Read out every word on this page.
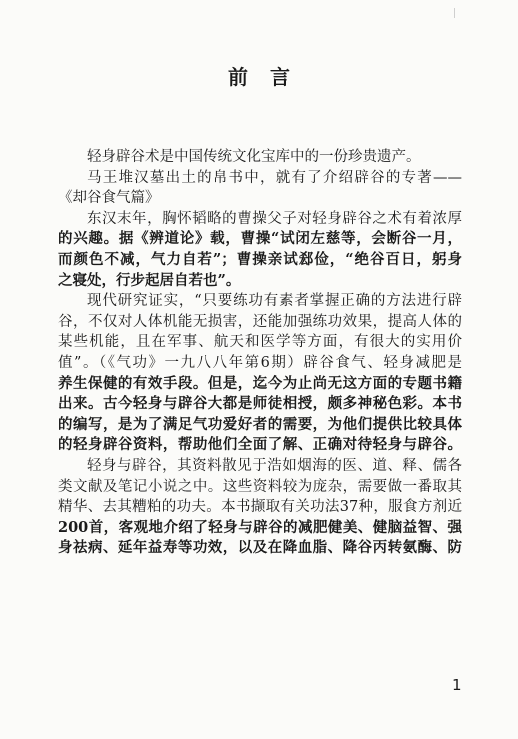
前言
轻身辟谷术是中国传统文化宝库中的一份珍贵遗产。
马王堆汉墓出土的帛书中，就有了介绍辟谷的专著——
《却谷食气篇》
东汉末年，胸怀韬略的曹操父子对轻身辟谷之术有着浓厚
的兴趣。据《辨道论》载，曹操“试闭左慈等，会断谷一月，
而颜色不减，气力自若”；曹操亲试郄俭，“绝谷百日，躬身
之寝处，行步起居自若也”。
现代研究证实，“只要练功有素者掌握正确的方法进行辟
谷，不仅对人体机能无损害，还能加强练功效果，提高人体的
某些机能，且在军事、航天和医学等方面，有很大的实用价
值”。（《气功》一九八八年第6期）辟谷食气、轻身减肥是
养生保健的有效手段。但是，迄今为止尚无这方面的专题书籍
出来。古今轻身与辟谷大都是师徒相授，颇多神秘色彩。本书
的编写，是为了满足气功爱好者的需要，为他们提供比较具体
的轻身辟谷资料，帮助他们全面了解、正确对待轻身与辟谷。
轻身与辟谷，其资料散见于浩如烟海的医、道、释、儒各
类文献及笔记小说之中。这些资料较为庞杂，需要做一番取其
精华、去其糟粕的功夫。本书撷取有关功法37种，服食方剂近
200首，客观地介绍了轻身与辟谷的减肥健美、健脑益智、强
身祛病、延年益寿等功效，以及在降血脂、降谷丙转氨酶、防
1
